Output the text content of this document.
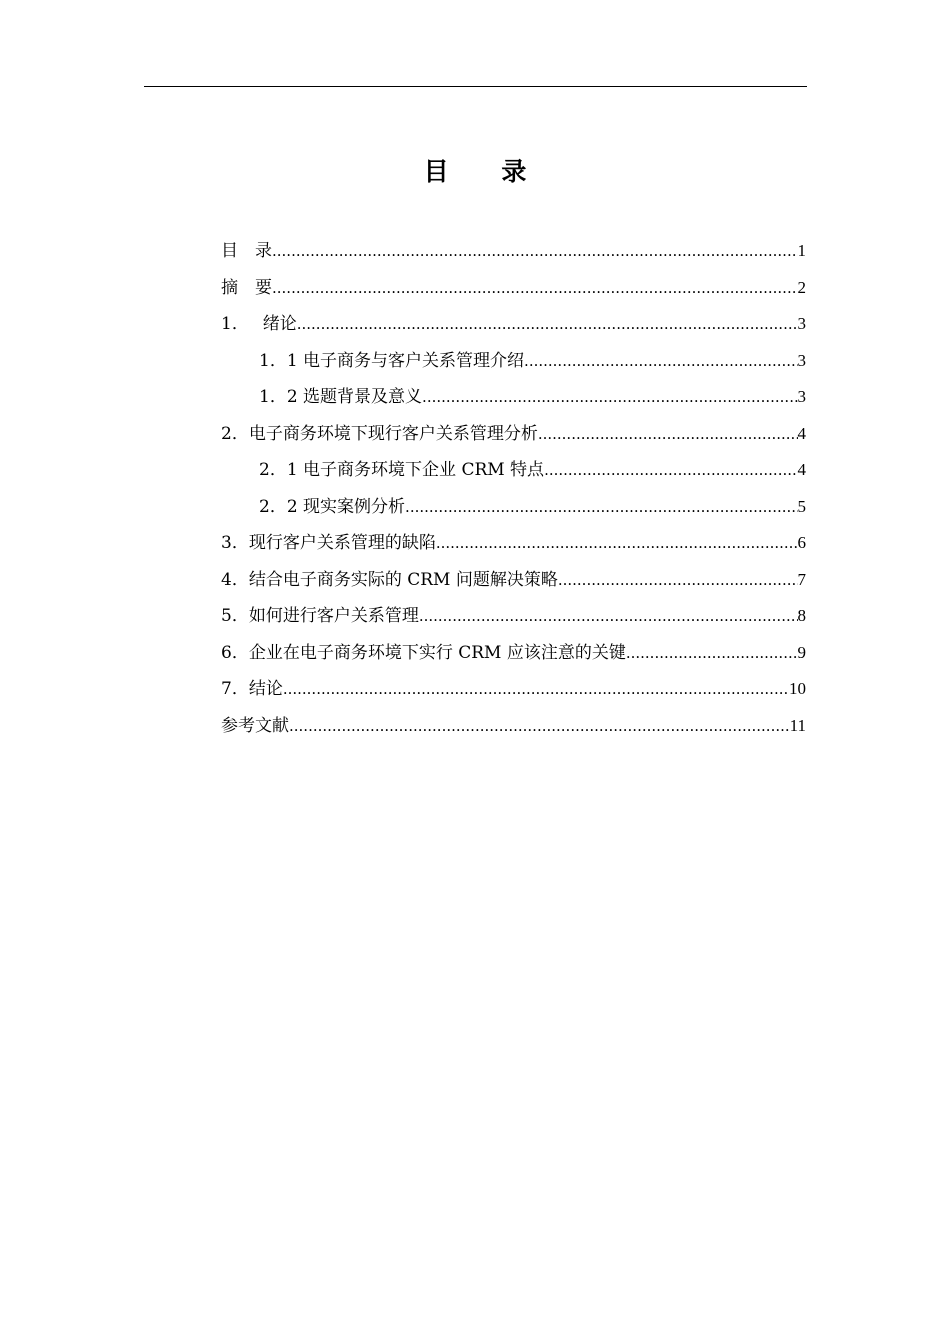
目 录
目　录 .....	1
摘　要 .....	2
1．　 绪论 .....	3
1．1 电子商务与客户关系管理介绍 .....	3
1．2 选题背景及意义 .....	3
2．电子商务环境下现行客户关系管理分析 .....	4
2．1 电子商务环境下企业 CRM 特点 .....	4
2．2 现实案例分析 .....	5
3．现行客户关系管理的缺陷 .....	6
4．结合电子商务实际的 CRM 问题解决策略 .....	7
5．如何进行客户关系管理 .....	8
6．企业在电子商务环境下实行 CRM 应该注意的关键 .....	9
7．结论 .....	10
参考文献 .....	11
